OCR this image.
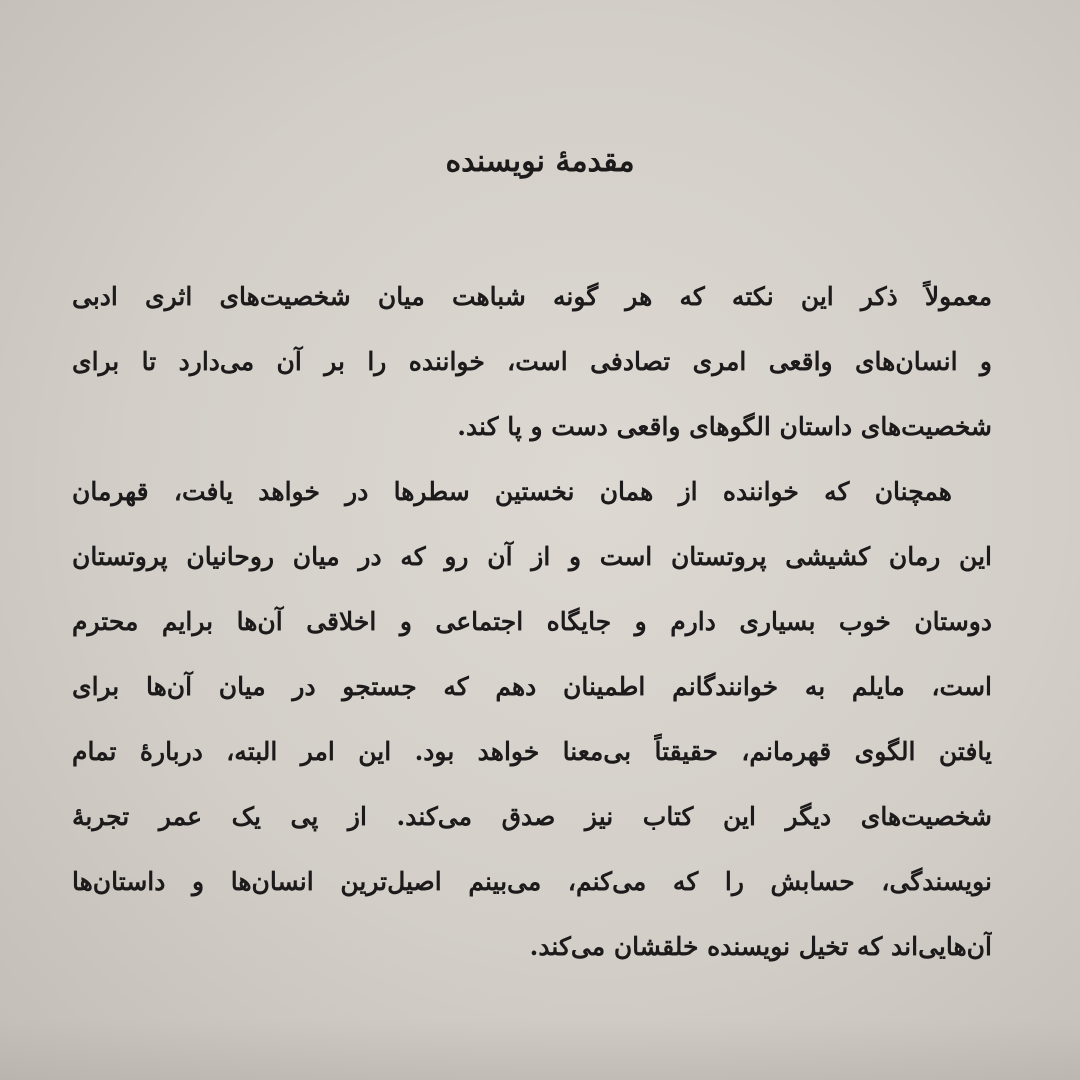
مقدمهٔ نویسنده
معمولاً ذکر این نکته که هر گونه شباهت میان شخصیت‌های اثری ادبی
و انسان‌های واقعی امری تصادفی است، خواننده را بر آن می‌دارد تا برای
شخصیت‌های داستان الگوهای واقعی دست و پا کند.
همچنان که خواننده از همان نخستین سطرها در خواهد یافت، قهرمان
این رمان کشیشی پروتستان است و از آن رو که در میان روحانیان پروتستان
دوستان خوب بسیاری دارم و جایگاه اجتماعی و اخلاقی آن‌ها برایم محترم
است، مایلم به خوانندگانم اطمینان دهم که جستجو در میان آن‌ها برای
یافتن الگوی قهرمانم، حقیقتاً بی‌معنا خواهد بود. این امر البته، دربارهٔ تمام
شخصیت‌های دیگر این کتاب نیز صدق می‌کند. از پی یک عمر تجربهٔ
نویسندگی، حسابش را که می‌کنم، می‌بینم اصیل‌ترین انسان‌ها و داستان‌ها
آن‌هایی‌اند که تخیل نویسنده خلقشان می‌کند.
